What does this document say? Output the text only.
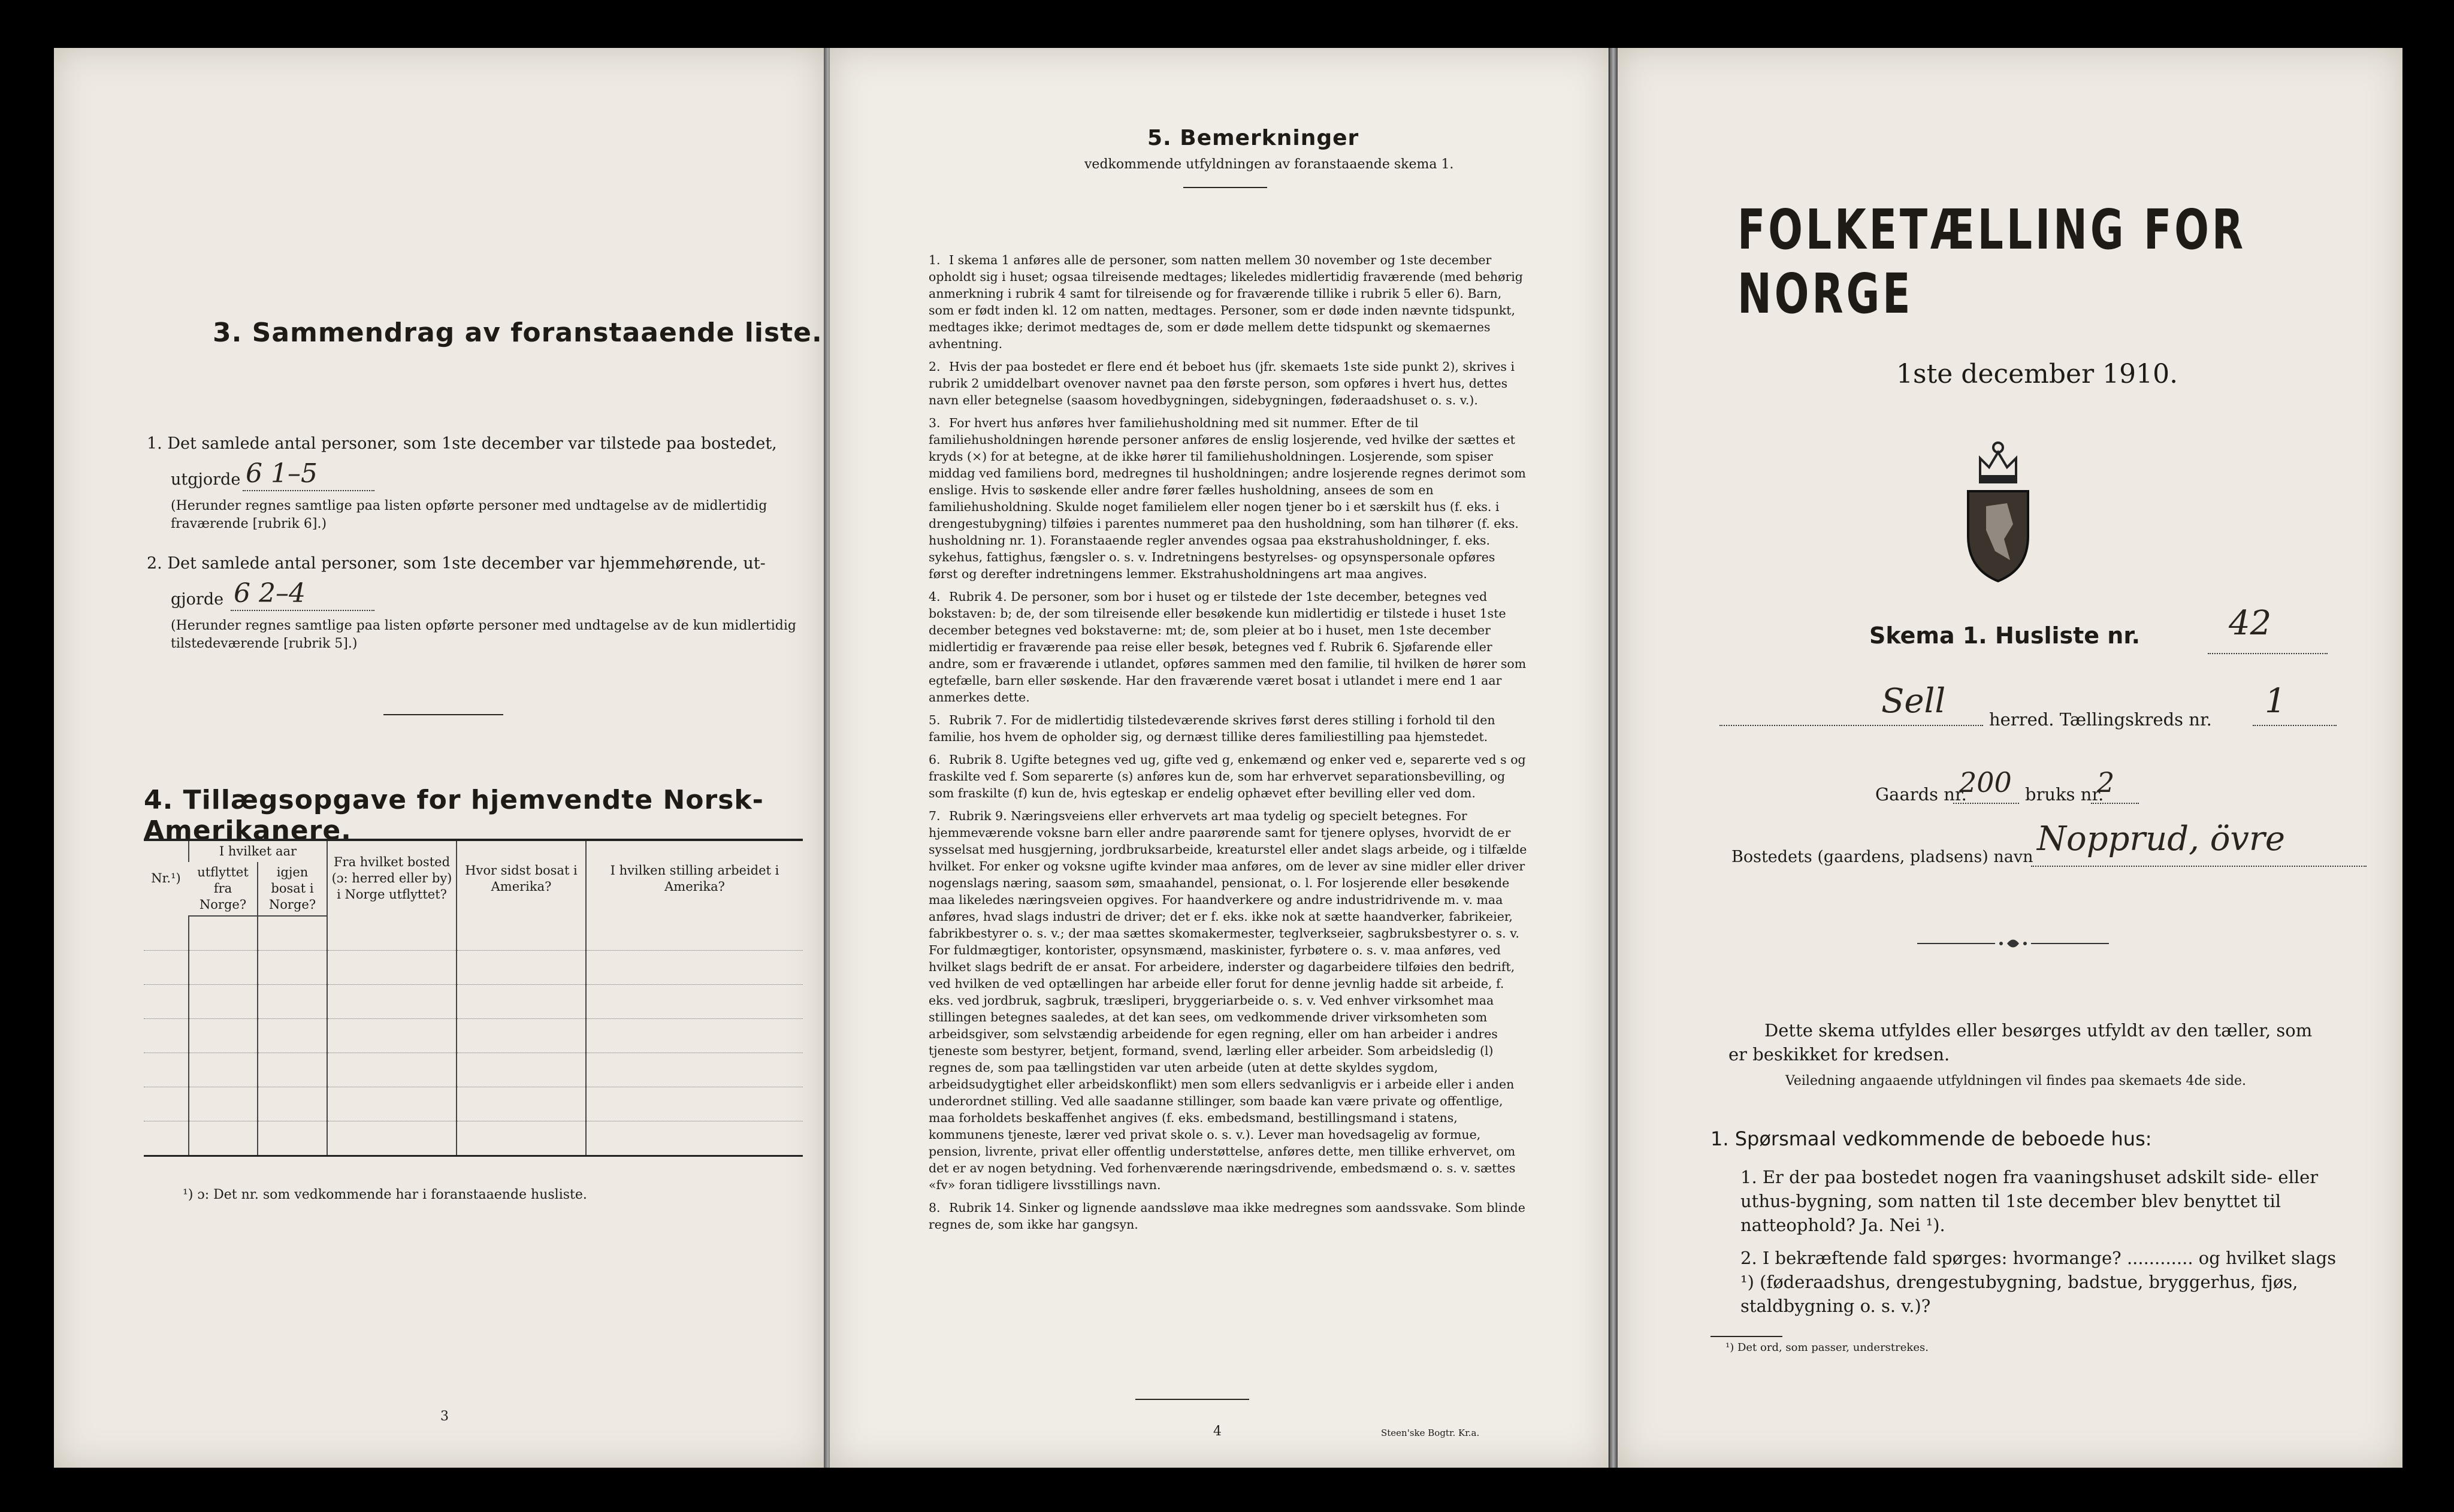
3. Sammendrag av foranstaaende liste.
1. Det samlede antal personer, som 1ste december var tilstede paa bostedet,
utgjorde 6 1–5
(Herunder regnes samtlige paa listen opførte personer med undtagelse av de midlertidig fraværende [rubrik 6].)
2. Det samlede antal personer, som 1ste december var hjemmehørende, ut-
gjorde 6 2–4
(Herunder regnes samtlige paa listen opførte personer med undtagelse av de kun midlertidig tilstedeværende [rubrik 5].)
4. Tillægsopgave for hjemvendte Norsk-Amerikanere.
Nr.¹)	I hvilket aar		Fra hvilket bosted (ɔ: herred eller by) i Norge utflyttet?	Hvor sidst bosat i Amerika?	I hvilken stilling arbeidet i Amerika?
	utflyttet fra Norge?	igjen bosat i Norge?			

¹) ɔ: Det nr. som vedkommende har i foranstaaende husliste.
3
5. Bemerkninger
vedkommende utfyldningen av foranstaaende skema 1.
1. I skema 1 anføres alle de personer, som natten mellem 30 november og 1ste december opholdt sig i huset; ogsaa tilreisende medtages; likeledes midlertidig fraværende (med behørig anmerkning i rubrik 4 samt for tilreisende og for fraværende tillike i rubrik 5 eller 6). Barn, som er født inden kl. 12 om natten, medtages. Personer, som er døde inden nævnte tidspunkt, medtages ikke; derimot medtages de, som er døde mellem dette tidspunkt og skemaernes avhentning.
2. Hvis der paa bostedet er flere end ét beboet hus (jfr. skemaets 1ste side punkt 2), skrives i rubrik 2 umiddelbart ovenover navnet paa den første person, som opføres i hvert hus, dettes navn eller betegnelse (saasom hovedbygningen, sidebygningen, føderaadshuset o. s. v.).
3. For hvert hus anføres hver familiehusholdning med sit nummer. Efter de til familiehusholdningen hørende personer anføres de enslig losjerende, ved hvilke der sættes et kryds (×) for at betegne, at de ikke hører til familiehusholdningen. Losjerende, som spiser middag ved familiens bord, medregnes til husholdningen; andre losjerende regnes derimot som enslige. Hvis to søskende eller andre fører fælles husholdning, ansees de som en familiehusholdning. Skulde noget familielem eller nogen tjener bo i et særskilt hus (f. eks. i drengestubygning) tilføies i parentes nummeret paa den husholdning, som han tilhører (f. eks. husholdning nr. 1). Foranstaaende regler anvendes ogsaa paa ekstrahusholdninger, f. eks. sykehus, fattighus, fængsler o. s. v. Indretningens bestyrelses- og opsynspersonale opføres først og derefter indretningens lemmer. Ekstrahusholdningens art maa angives.
4. Rubrik 4. De personer, som bor i huset og er tilstede der 1ste december, betegnes ved bokstaven: b; de, der som tilreisende eller besøkende kun midlertidig er tilstede i huset 1ste december betegnes ved bokstaverne: mt; de, som pleier at bo i huset, men 1ste december midlertidig er fraværende paa reise eller besøk, betegnes ved f. Rubrik 6. Sjøfarende eller andre, som er fraværende i utlandet, opføres sammen med den familie, til hvilken de hører som egtefælle, barn eller søskende. Har den fraværende været bosat i utlandet i mere end 1 aar anmerkes dette.
5. Rubrik 7. For de midlertidig tilstedeværende skrives først deres stilling i forhold til den familie, hos hvem de opholder sig, og dernæst tillike deres familiestilling paa hjemstedet.
6. Rubrik 8. Ugifte betegnes ved ug, gifte ved g, enkemænd og enker ved e, separerte ved s og fraskilte ved f. Som separerte (s) anføres kun de, som har erhvervet separationsbevilling, og som fraskilte (f) kun de, hvis egteskap er endelig ophævet efter bevilling eller ved dom.
7. Rubrik 9. Næringsveiens eller erhvervets art maa tydelig og specielt betegnes. For hjemmeværende voksne barn eller andre paarørende samt for tjenere oplyses, hvorvidt de er sysselsat med husgjerning, jordbruksarbeide, kreaturstel eller andet slags arbeide, og i tilfælde hvilket. For enker og voksne ugifte kvinder maa anføres, om de lever av sine midler eller driver nogenslags næring, saasom søm, smaahandel, pensionat, o. l. For losjerende eller besøkende maa likeledes næringsveien opgives. For haandverkere og andre industridrivende m. v. maa anføres, hvad slags industri de driver; det er f. eks. ikke nok at sætte haandverker, fabrikeier, fabrikbestyrer o. s. v.; der maa sættes skomakermester, teglverkseier, sagbruksbestyrer o. s. v. For fuldmægtiger, kontorister, opsynsmænd, maskinister, fyrbøtere o. s. v. maa anføres, ved hvilket slags bedrift de er ansat. For arbeidere, inderster og dagarbeidere tilføies den bedrift, ved hvilken de ved optællingen har arbeide eller forut for denne jevnlig hadde sit arbeide, f. eks. ved jordbruk, sagbruk, træsliperi, bryggeriarbeide o. s. v. Ved enhver virksomhet maa stillingen betegnes saaledes, at det kan sees, om vedkommende driver virksomheten som arbeidsgiver, som selvstændig arbeidende for egen regning, eller om han arbeider i andres tjeneste som bestyrer, betjent, formand, svend, lærling eller arbeider. Som arbeidsledig (l) regnes de, som paa tællingstiden var uten arbeide (uten at dette skyldes sygdom, arbeidsudygtighet eller arbeidskonflikt) men som ellers sedvanligvis er i arbeide eller i anden underordnet stilling. Ved alle saadanne stillinger, som baade kan være private og offentlige, maa forholdets beskaffenhet angives (f. eks. embedsmand, bestillingsmand i statens, kommunens tjeneste, lærer ved privat skole o. s. v.). Lever man hovedsagelig av formue, pension, livrente, privat eller offentlig understøttelse, anføres dette, men tillike erhvervet, om det er av nogen betydning. Ved forhenværende næringsdrivende, embedsmænd o. s. v. sættes «fv» foran tidligere livsstillings navn.
8. Rubrik 14. Sinker og lignende aandssløve maa ikke medregnes som aandssvake. Som blinde regnes de, som ikke har gangsyn.
4	Steen'ske Bogtr. Kr.a.
FOLKETÆLLING FOR NORGE
1ste december 1910.
Skema 1. Husliste nr.	42
Sell	herred. Tællingskreds nr. 1
Gaards nr.
200 bruks nr.
2
Bostedets (gaardens, pladsens) navn Nopprud, övre
Dette skema utfyldes eller besørges utfyldt av den tæller, som er beskikket for kredsen.
Veiledning angaaende utfyldningen vil findes paa skemaets 4de side.
1. Spørsmaal vedkommende de beboede hus:
1. Er der paa bostedet nogen fra vaaningshuset adskilt side- eller uthus-bygning, som natten til 1ste december blev benyttet til natteophold? Ja. Nei ¹).
2. I bekræftende fald spørges: hvormange? ............ og hvilket slags ¹) (føderaadshus, drengestubygning, badstue, bryggerhus, fjøs, staldbygning o. s. v.)?
¹) Det ord, som passer, understrekes.
